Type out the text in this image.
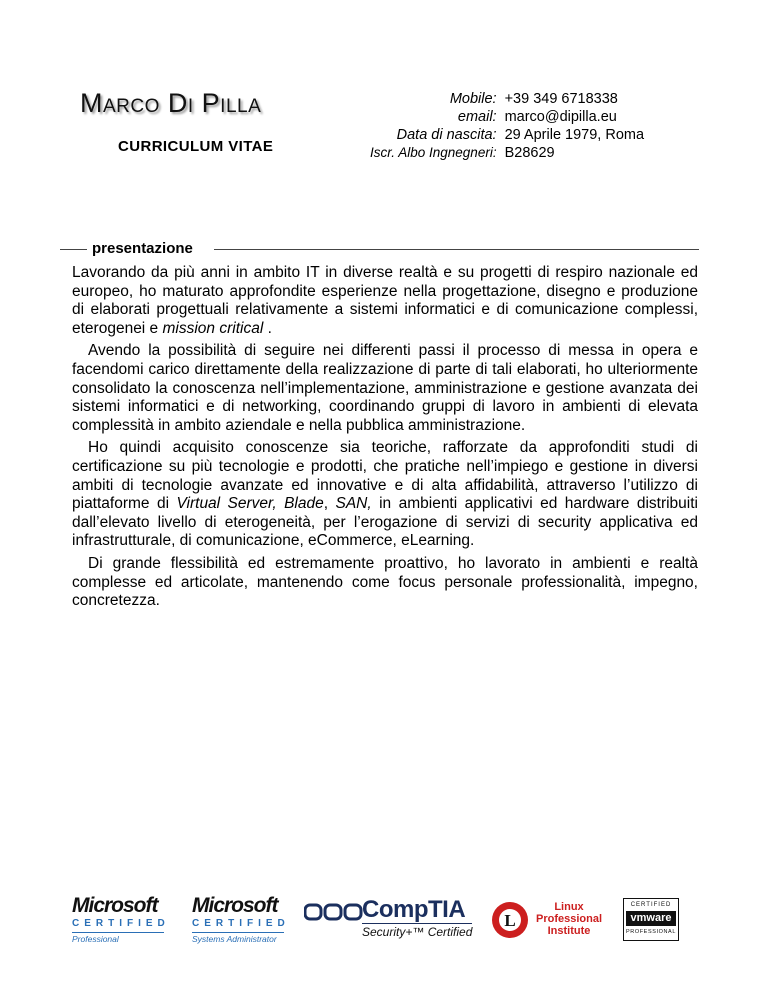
Marco Di Pilla
CURRICULUM VITAE
Mobile:	+39 349 6718338
email:	marco@dipilla.eu
Data di nascita:	29 Aprile 1979, Roma
Iscr. Albo Ingnegneri:	B28629
presentazione

Lavorando da più anni in ambito IT in diverse realtà e su progetti di respiro nazionale ed europeo, ho maturato approfondite esperienze nella progettazione, disegno e produzione di elaborati progettuali relativamente a sistemi informatici e di comunicazione complessi, eterogenei e mission critical .

Avendo la possibilità di seguire nei differenti passi il processo di messa in opera e facendomi carico direttamente della realizzazione di parte di tali elaborati, ho ulteriormente consolidato la conoscenza nell’implementazione, amministrazione e gestione avanzata dei sistemi informatici e di networking, coordinando gruppi di lavoro in ambienti di elevata complessità in ambito aziendale e nella pubblica amministrazione.

Ho quindi acquisito conoscenze sia teoriche, rafforzate da approfonditi studi di certificazione su più tecnologie e prodotti, che pratiche nell’impiego e gestione in diversi ambiti di tecnologie avanzate ed innovative e di alta affidabilità, attraverso l’utilizzo di piattaforme di Virtual Server, Blade, SAN, in ambienti applicativi ed hardware distribuiti dall’elevato livello di eterogeneità, per l’erogazione di servizi di security applicativa ed infrastrutturale, di comunicazione, eCommerce, eLearning.

Di grande flessibilità ed estremamente proattivo, ho lavorato in ambienti e realtà complesse ed articolate, mantenendo come focus personale professionalità, impegno, concretezza.

Microsoft
CERTIFIED
Professional
Microsoft
CERTIFIED
Systems Administrator
CompTIA
Security+™ Certified
L
Linux
Professional
Institute
CERTIFIED
vmware
PROFESSIONAL
